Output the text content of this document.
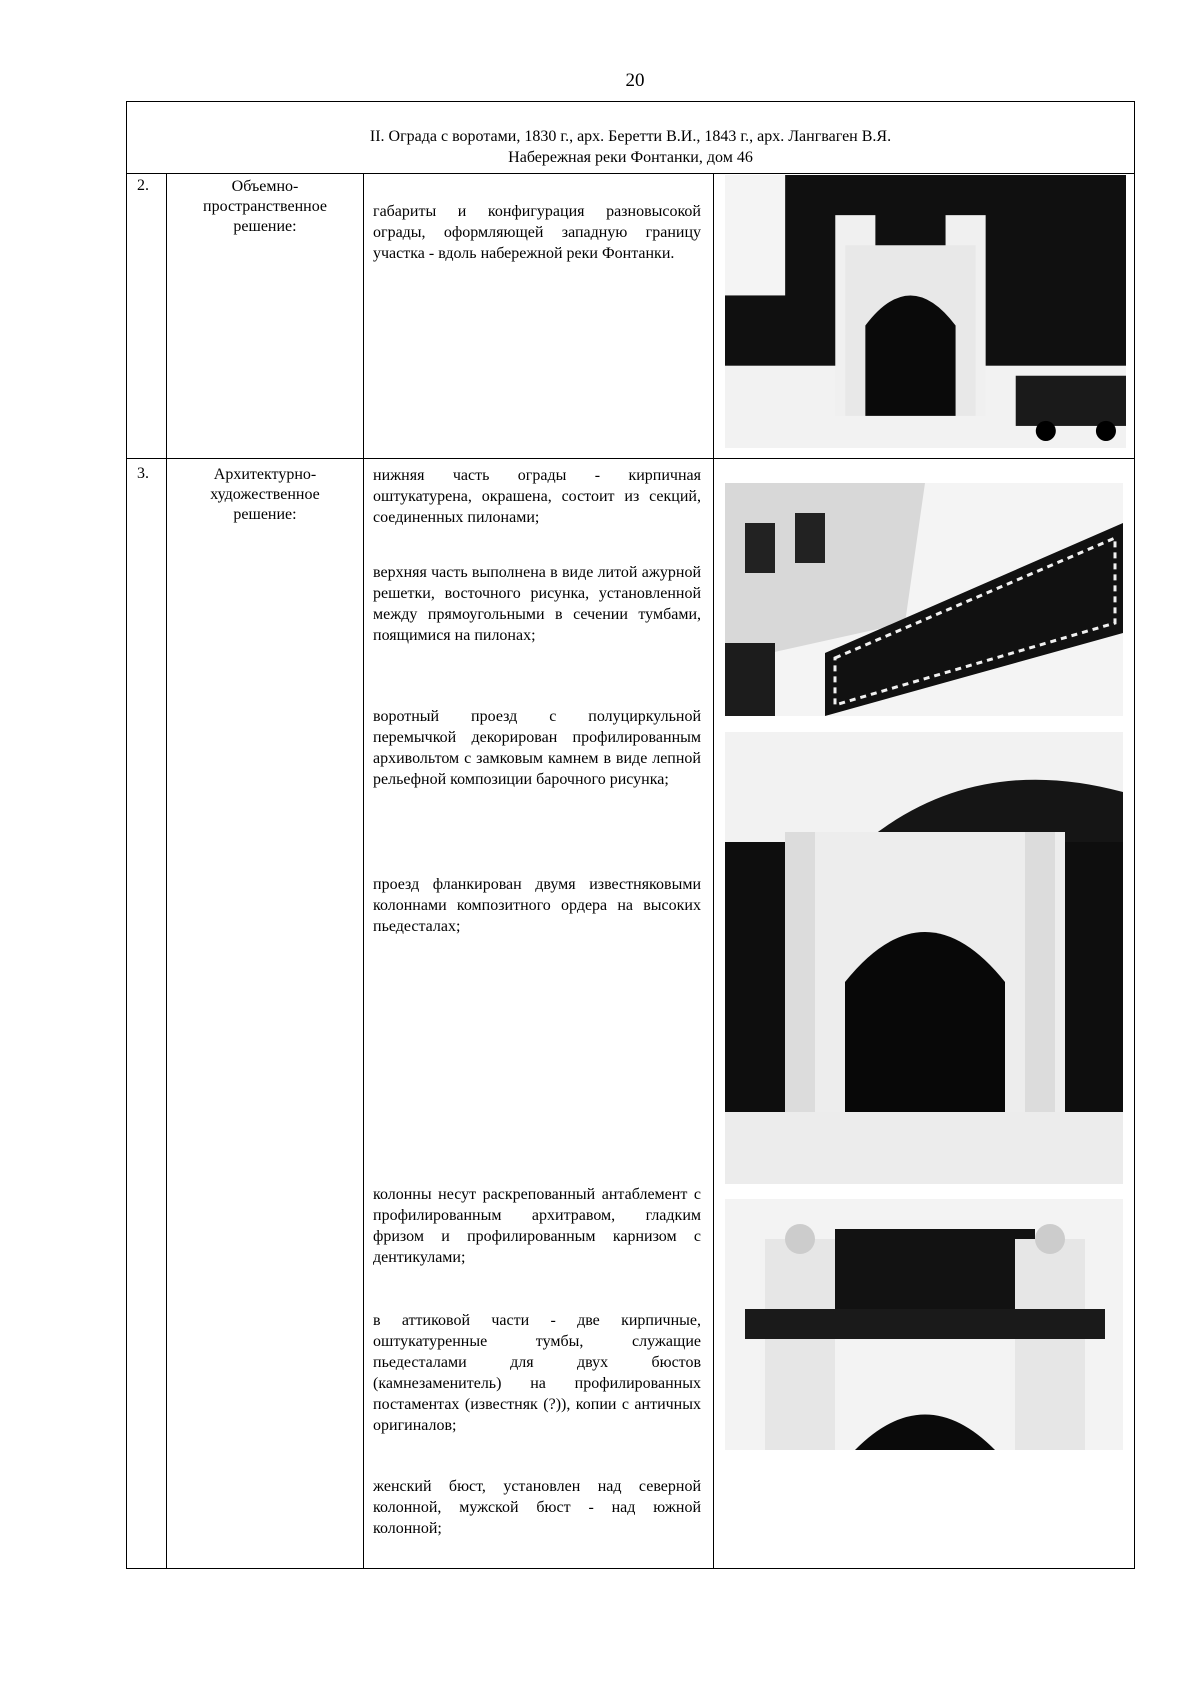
20
II. Ограда с воротами, 1830 г., арх. Беретти В.И., 1843 г., арх. Лангваген В.Я.
Набережная реки Фонтанки, дом 46
2.	Объемно-
пространственное
решение:
габариты и конфигурация разновысокой ограды, оформляющей западную границу участка - вдоль набережной реки Фонтанки.
3.	Архитектурно-
художественное
решение:
нижняя часть ограды - кирпичная оштукатурена, окрашена, состоит из секций, соединенных пилонами;
верхняя часть выполнена в виде литой ажурной решетки, восточного рисунка, установленной между прямоугольными в сечении тумбами, поящимися на пилонах;
воротный проезд с полуциркульной перемычкой декорирован профилированным архивольтом с замковым камнем в виде лепной рельефной композиции барочного рисунка;
проезд фланкирован двумя известняковыми колоннами композитного ордера на высоких пьедесталах;
колонны несут раскрепованный антаблемент с профилированным архитравом, гладким фризом и профилированным карнизом с дентикулами;
в аттиковой части - две кирпичные, оштукатуренные тумбы, служащие пьедесталами для двух бюстов (камнезаменитель) на профилированных постаментах (известняк (?)), копии с античных оригиналов;
женский бюст, установлен над северной колонной, мужской бюст - над южной колонной;
